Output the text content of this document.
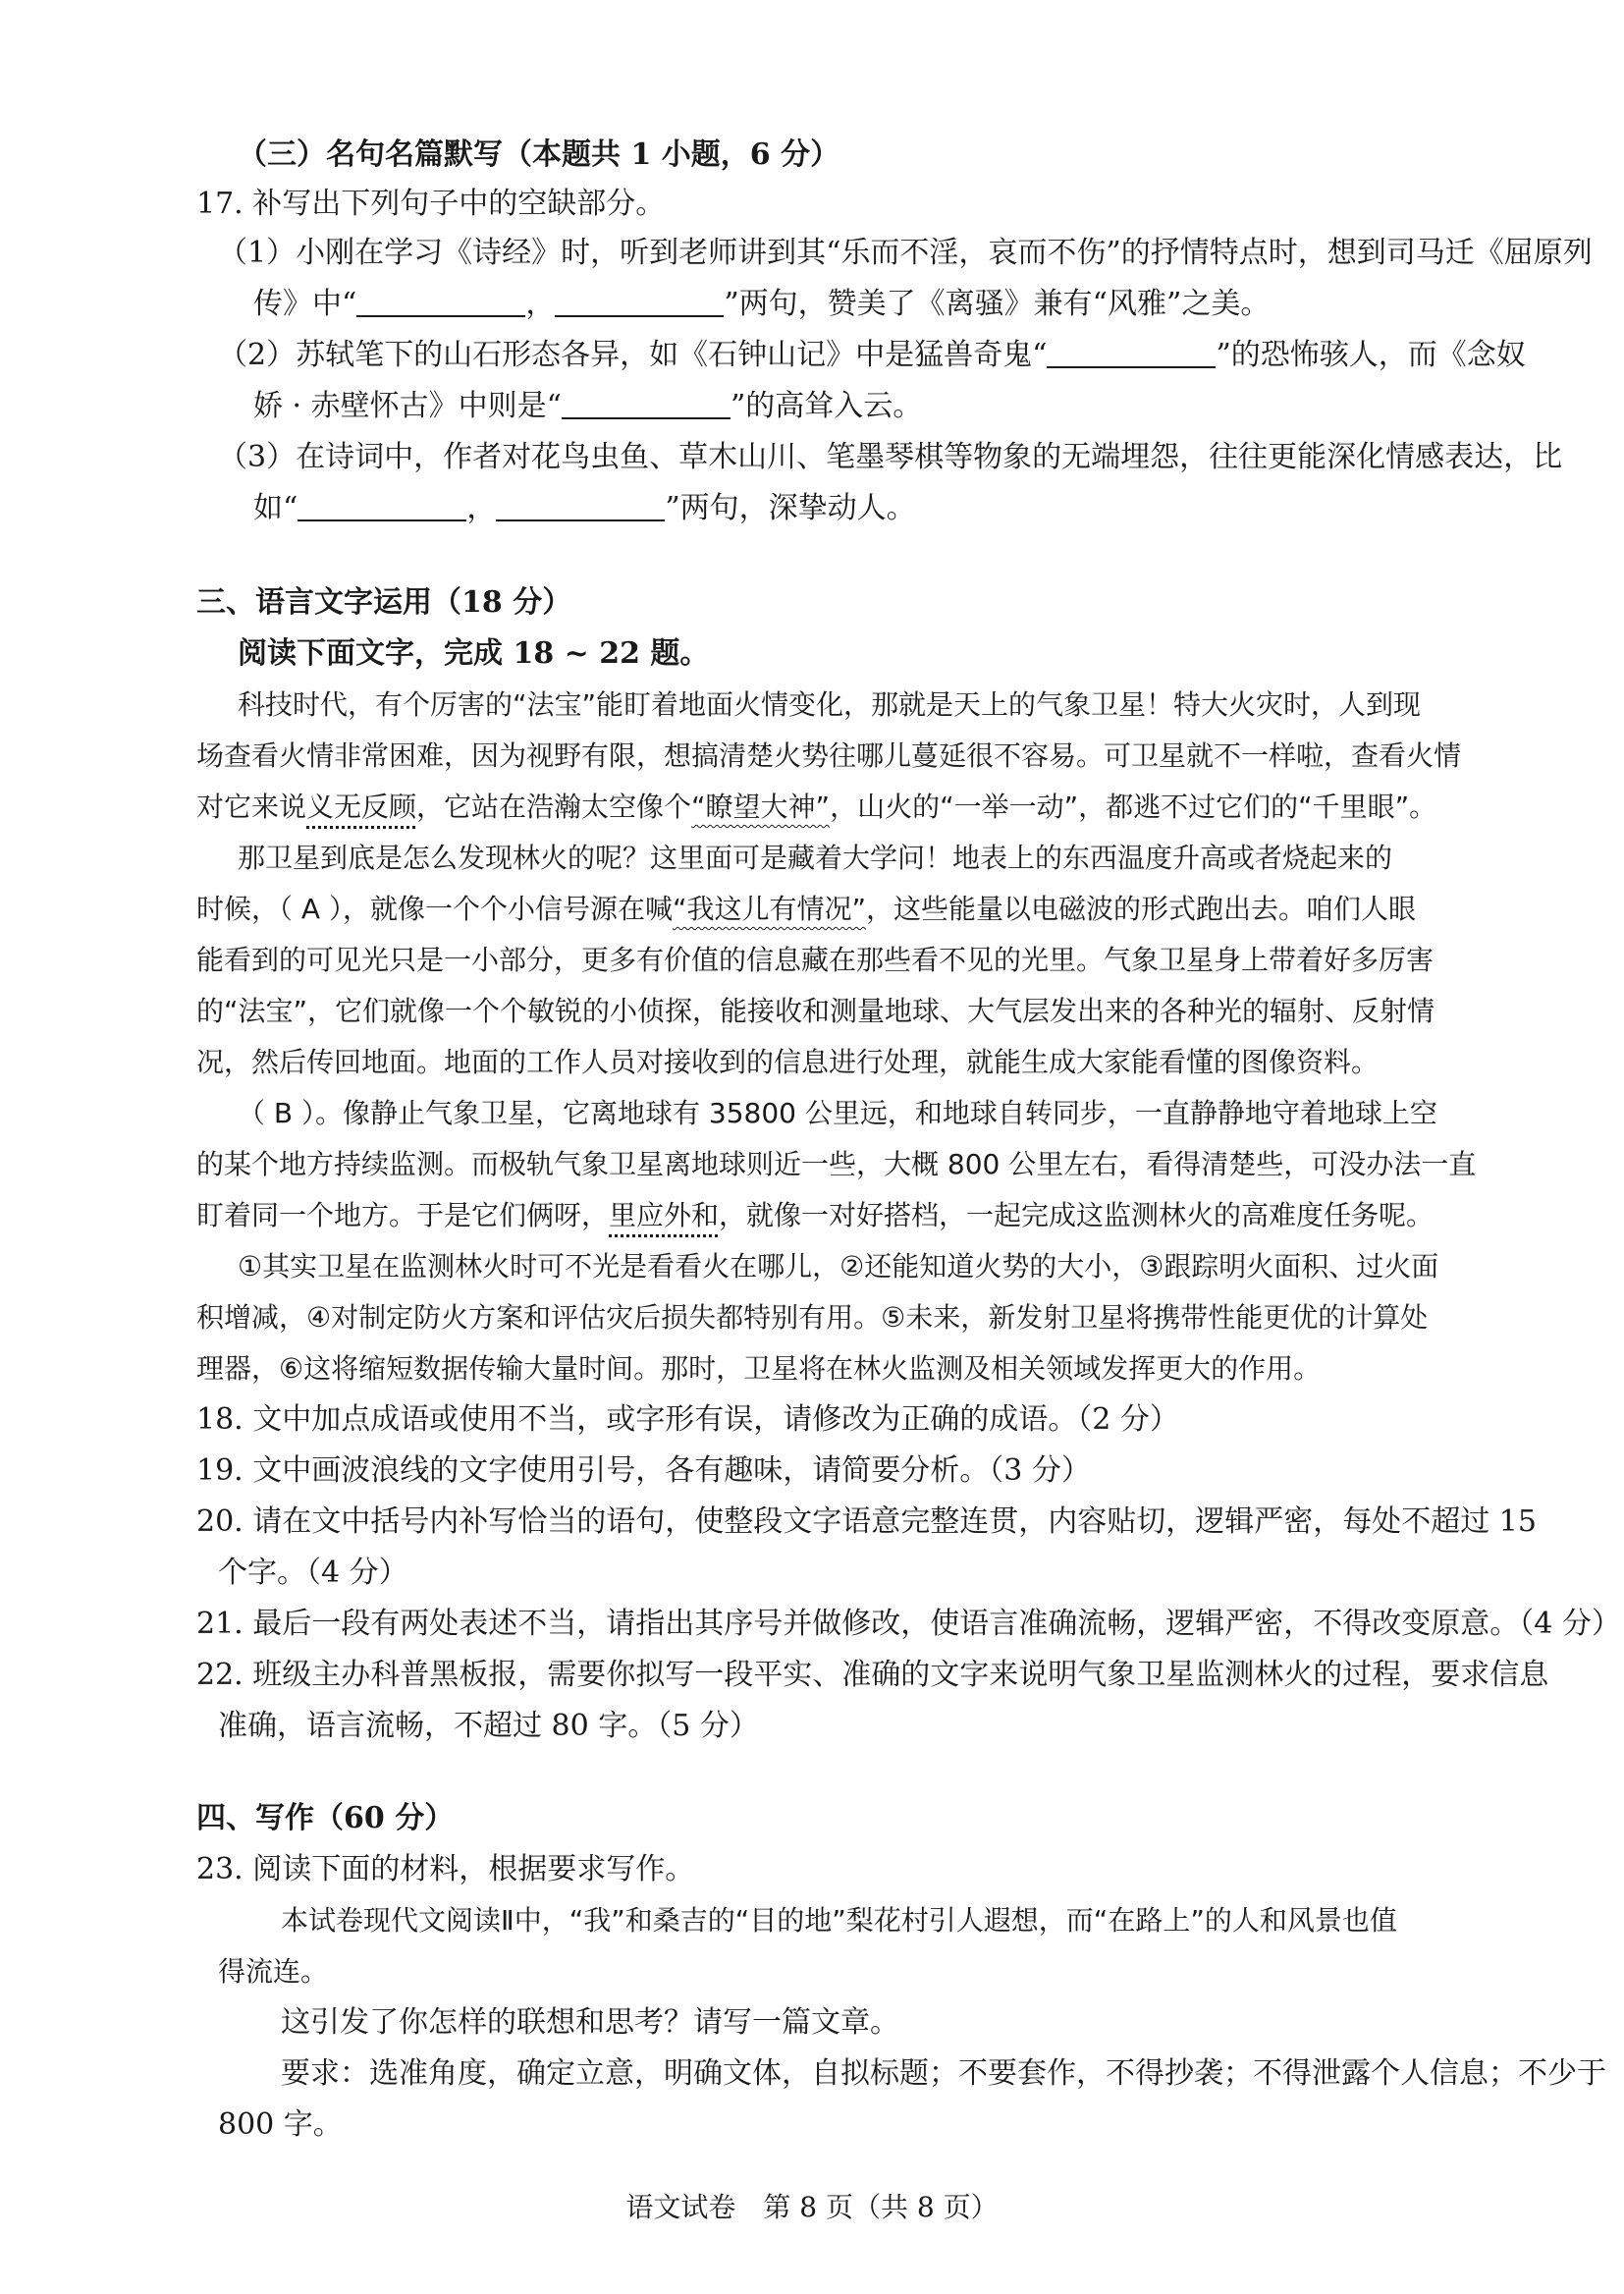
（三）名句名篇默写（本题共 1 小题，6 分）
17. 补写出下列句子中的空缺部分。
（1）小刚在学习《诗经》时，听到老师讲到其“乐而不淫，哀而不伤”的抒情特点时，想到司马迁《屈原列
传》中“	，	”两句，赞美了《离骚》兼有“风雅”之美。
（2）苏轼笔下的山石形态各异，如《石钟山记》中是猛兽奇鬼“	”的恐怖骇人，而《念奴
娇 · 赤壁怀古》中则是“	”的高耸入云。
（3）在诗词中，作者对花鸟虫鱼、草木山川、笔墨琴棋等物象的无端埋怨，往往更能深化情感表达，比
如“	，	”两句，深挚动人。
三、语言文字运用（18 分）
阅读下面文字，完成 18 ~ 22 题。
科技时代，有个厉害的“法宝”能盯着地面火情变化，那就是天上的气象卫星！特大火灾时，人到现
场查看火情非常困难，因为视野有限，想搞清楚火势往哪儿蔓延很不容易。可卫星就不一样啦，查看火情
对它来说义无反顾，它站在浩瀚太空像个“瞭望大神”，山火的“一举一动”，都逃不过它们的“千里眼”。
那卫星到底是怎么发现林火的呢？这里面可是藏着大学问！地表上的东西温度升高或者烧起来的
时候，（ A ），就像一个个小信号源在喊“我这儿有情况”，这些能量以电磁波的形式跑出去。咱们人眼
能看到的可见光只是一小部分，更多有价值的信息藏在那些看不见的光里。气象卫星身上带着好多厉害
的“法宝”，它们就像一个个敏锐的小侦探，能接收和测量地球、大气层发出来的各种光的辐射、反射情
况，然后传回地面。地面的工作人员对接收到的信息进行处理，就能生成大家能看懂的图像资料。
（ B ）。像静止气象卫星，它离地球有 35800 公里远，和地球自转同步，一直静静地守着地球上空
的某个地方持续监测。而极轨气象卫星离地球则近一些，大概 800 公里左右，看得清楚些，可没办法一直
盯着同一个地方。于是它们俩呀，里应外和，就像一对好搭档，一起完成这监测林火的高难度任务呢。
①其实卫星在监测林火时可不光是看看火在哪儿，②还能知道火势的大小，③跟踪明火面积、过火面
积增减，④对制定防火方案和评估灾后损失都特别有用。⑤未来，新发射卫星将携带性能更优的计算处
理器，⑥这将缩短数据传输大量时间。那时，卫星将在林火监测及相关领域发挥更大的作用。
18. 文中加点成语或使用不当，或字形有误，请修改为正确的成语。（2 分）
19. 文中画波浪线的文字使用引号，各有趣味，请简要分析。（3 分）
20. 请在文中括号内补写恰当的语句，使整段文字语意完整连贯，内容贴切，逻辑严密，每处不超过 15
个字。（4 分）
21. 最后一段有两处表述不当，请指出其序号并做修改，使语言准确流畅，逻辑严密，不得改变原意。（4 分）
22. 班级主办科普黑板报，需要你拟写一段平实、准确的文字来说明气象卫星监测林火的过程，要求信息
准确，语言流畅，不超过 80 字。（5 分）
四、写作（60 分）
23. 阅读下面的材料，根据要求写作。
本试卷现代文阅读Ⅱ中，“我”和桑吉的“目的地”梨花村引人遐想，而“在路上”的人和风景也值
得流连。
这引发了你怎样的联想和思考？请写一篇文章。
要求：选准角度，确定立意，明确文体，自拟标题；不要套作，不得抄袭；不得泄露个人信息；不少于
800 字。
语文试卷　第 8 页（共 8 页）
